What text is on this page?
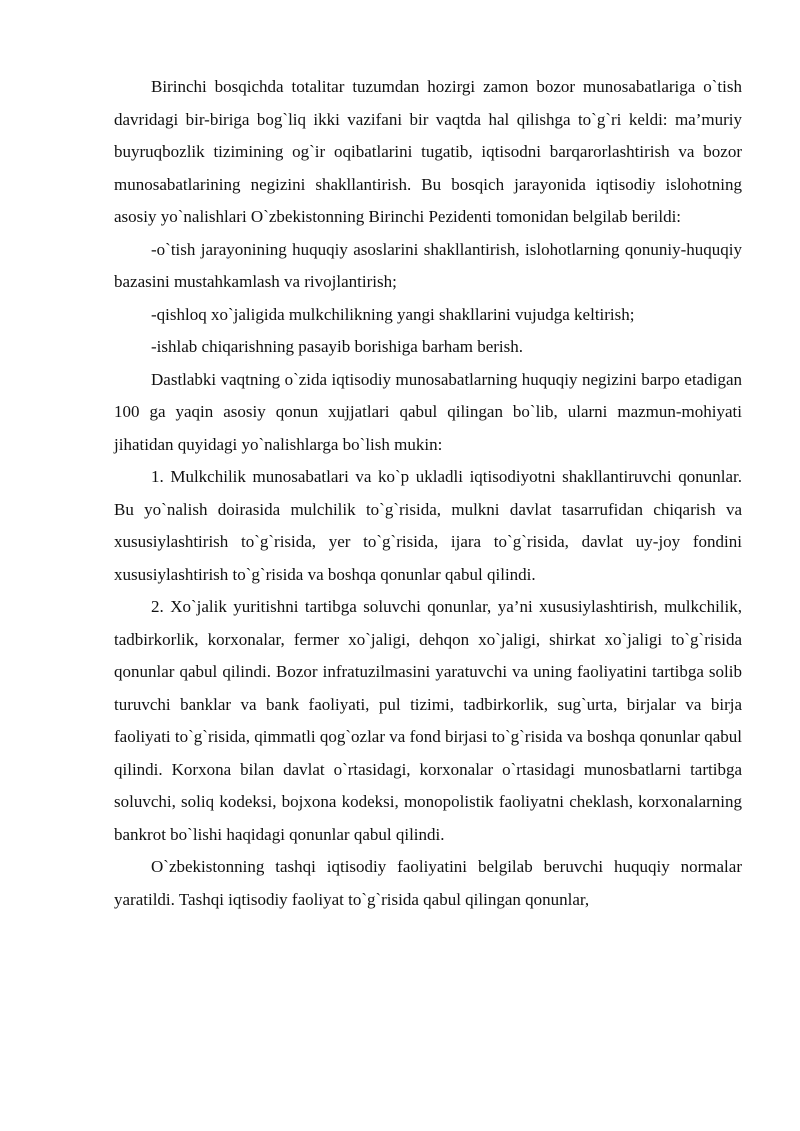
Birinchi bosqichda totalitar tuzumdan hozirgi zamon bozor munosabatlariga o`tish davridagi bir-biriga bog`liq ikki vazifani bir vaqtda hal qilishga to`g`ri keldi: ma’muriy buyruqbozlik tizimining og`ir oqibatlarini tugatib, iqtisodni barqarorlashtirish va bozor munosabatlarining negizini shakllantirish. Bu bosqich jarayonida iqtisodiy islohotning asosiy yo`nalishlari O`zbekistonning Birinchi Pezidenti tomonidan belgilab berildi:

-o`tish jarayonining huquqiy asoslarini shakllantirish, islohotlarning qonuniy-huquqiy bazasini mustahkamlash va rivojlantirish;

-qishloq xo`jaligida mulkchilikning yangi shakllarini vujudga keltirish;

-ishlab chiqarishning pasayib borishiga barham berish.

Dastlabki vaqtning o`zida iqtisodiy munosabatlarning huquqiy negizini barpo etadigan 100 ga yaqin asosiy qonun xujjatlari qabul qilingan bo`lib, ularni mazmun-mohiyati jihatidan quyidagi yo`nalishlarga bo`lish mukin:

1. Mulkchilik munosabatlari va ko`p ukladli iqtisodiyotni shakllantiruvchi qonunlar. Bu yo`nalish doirasida mulchilik to`g`risida, mulkni davlat tasarrufidan chiqarish va xususiylashtirish to`g`risida, yer to`g`risida, ijara to`g`risida, davlat uy-joy fondini xususiylashtirish to`g`risida va boshqa qonunlar qabul qilindi.

2. Xo`jalik yuritishni tartibga soluvchi qonunlar, ya’ni xususiylashtirish, mulkchilik, tadbirkorlik, korxonalar, fermer xo`jaligi, dehqon xo`jaligi, shirkat xo`jaligi to`g`risida qonunlar qabul qilindi. Bozor infratuzilmasini yaratuvchi va uning faoliyatini tartibga solib turuvchi banklar va bank faoliyati, pul tizimi, tadbirkorlik, sug`urta, birjalar va birja faoliyati to`g`risida, qimmatli qog`ozlar va fond birjasi to`g`risida va boshqa qonunlar qabul qilindi. Korxona bilan davlat o`rtasidagi, korxonalar o`rtasidagi munosbatlarni tartibga soluvchi, soliq kodeksi, bojxona kodeksi, monopolistik faoliyatni cheklash, korxonalarning bankrot bo`lishi haqidagi qonunlar qabul qilindi.

O`zbekistonning tashqi iqtisodiy faoliyatini belgilab beruvchi huquqiy normalar yaratildi. Tashqi iqtisodiy faoliyat to`g`risida qabul qilingan qonunlar,
